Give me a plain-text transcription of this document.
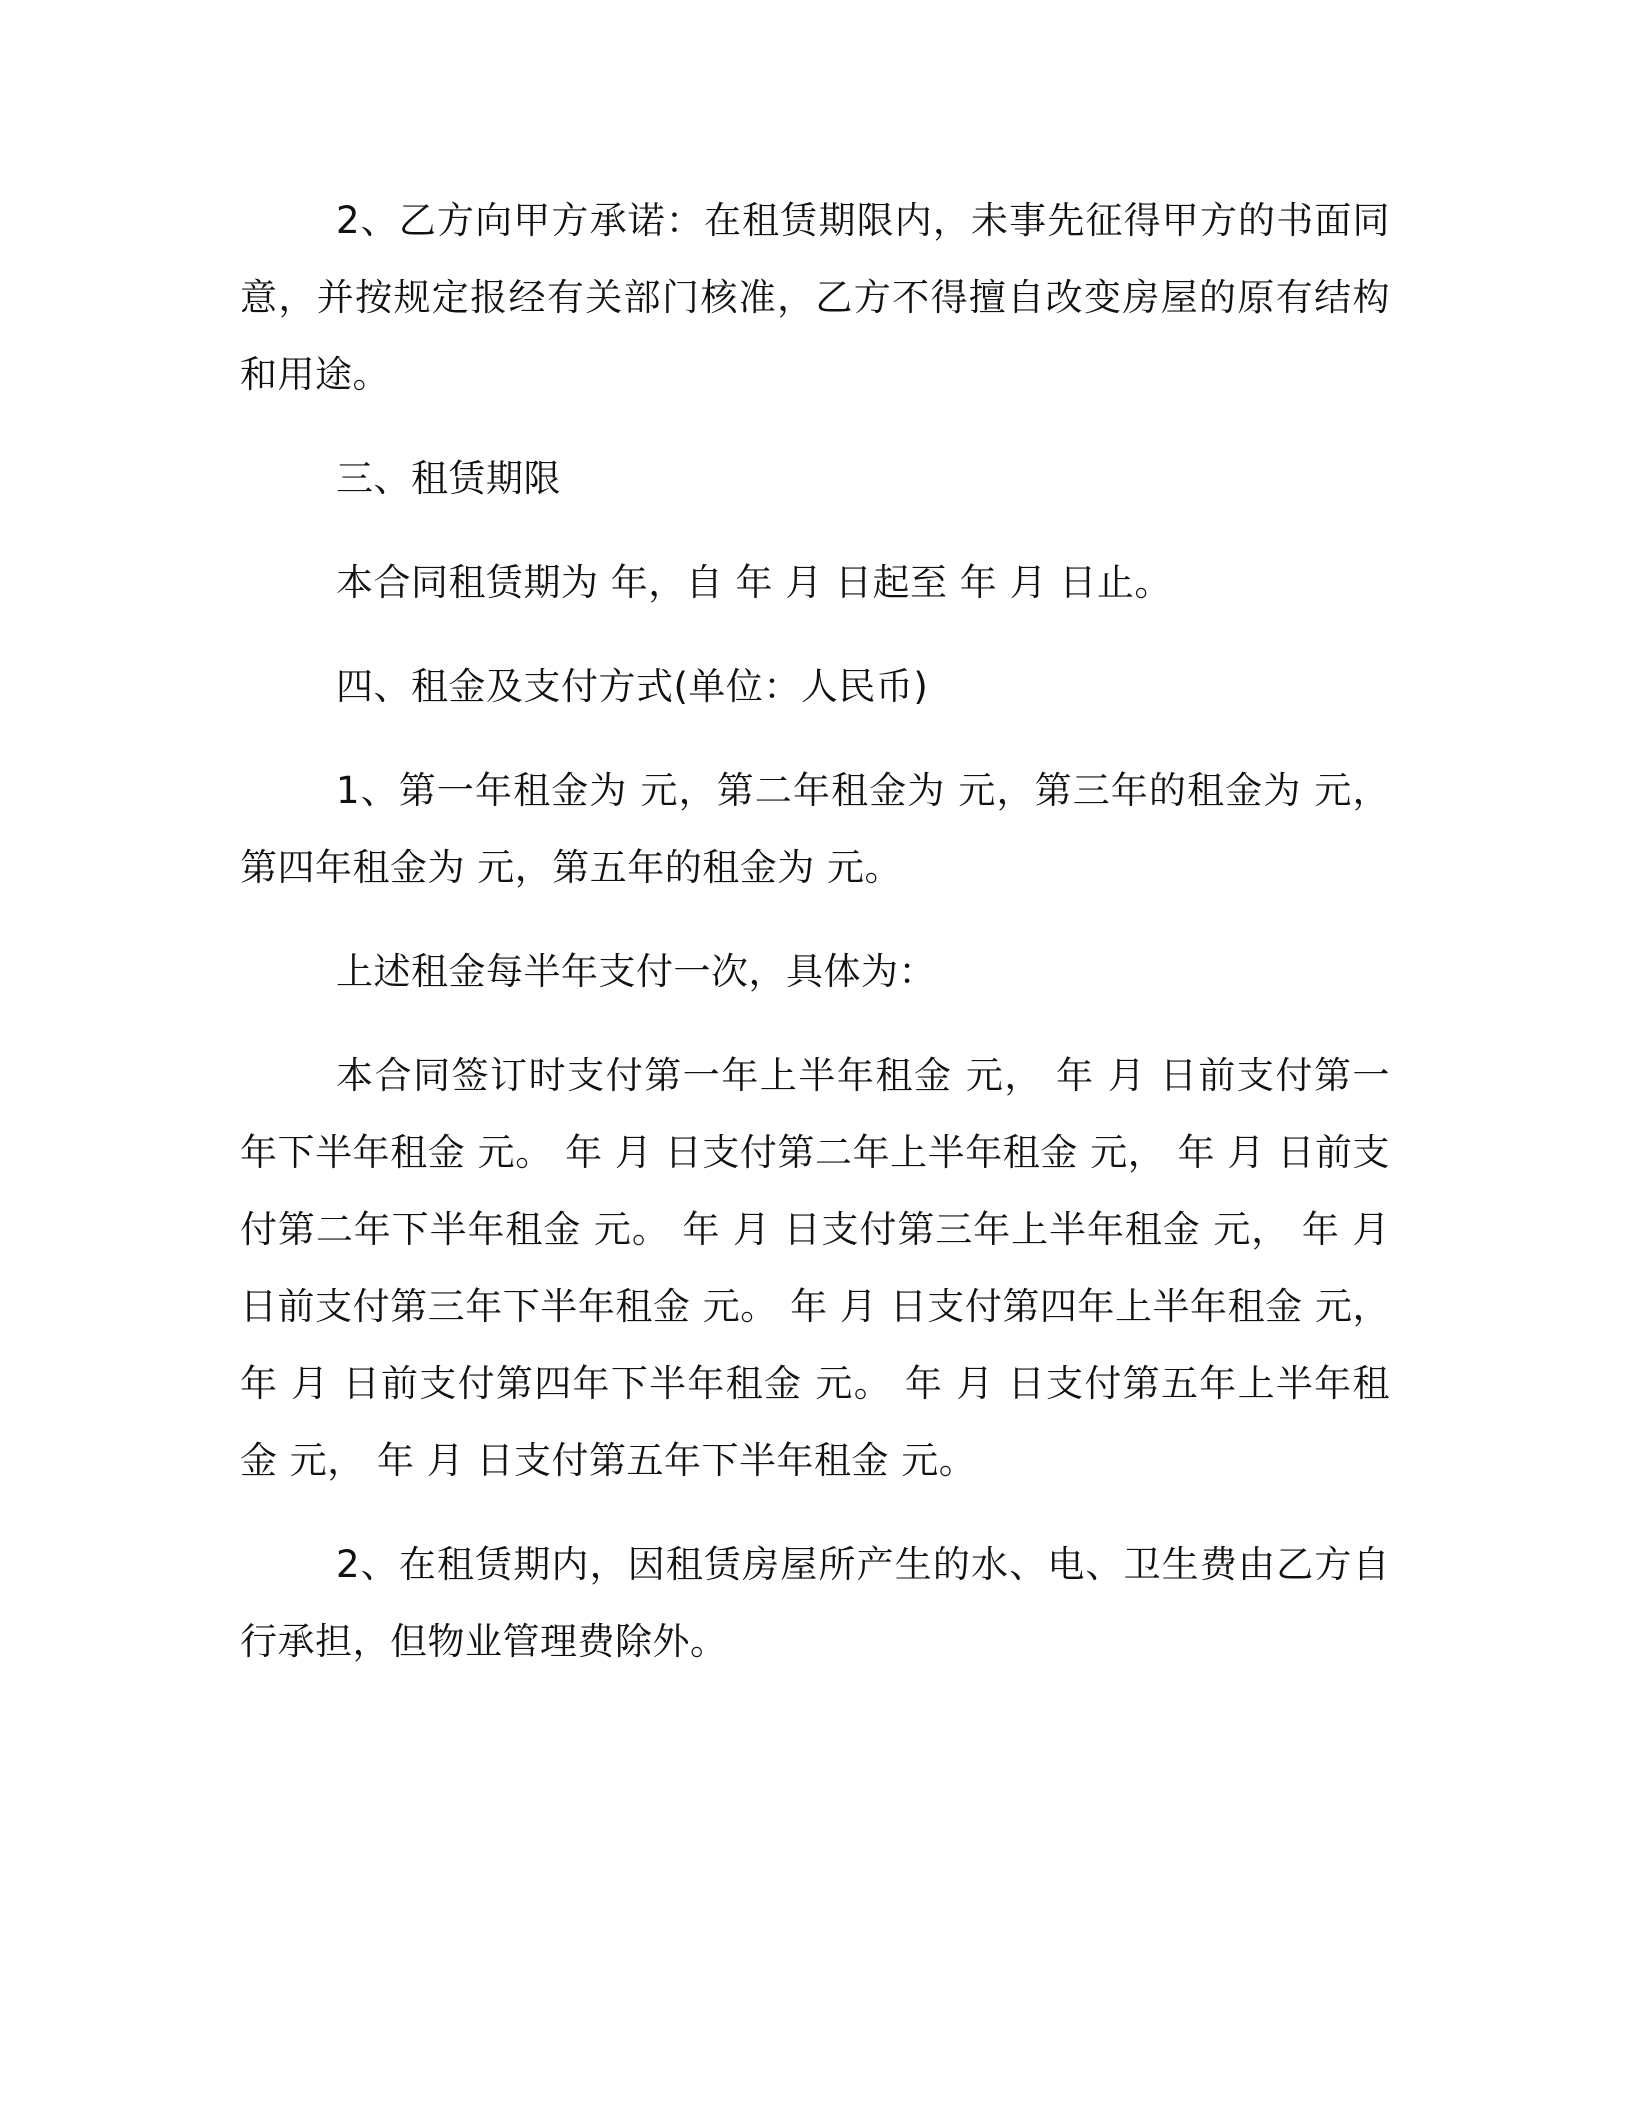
2、乙方向甲方承诺：在租赁期限内，未事先征得甲方的书面同意，并按规定报经有关部门核准，乙方不得擅自改变房屋的原有结构和用途。

三、租赁期限

本合同租赁期为 年，自 年 月 日起至 年 月 日止。

四、租金及支付方式(单位：人民币)

1、第一年租金为 元，第二年租金为 元，第三年的租金为 元，第四年租金为 元，第五年的租金为 元。

上述租金每半年支付一次，具体为：

本合同签订时支付第一年上半年租金 元， 年 月 日前支付第一年下半年租金 元。 年 月 日支付第二年上半年租金 元， 年 月 日前支付第二年下半年租金 元。 年 月 日支付第三年上半年租金 元， 年 月 日前支付第三年下半年租金 元。 年 月 日支付第四年上半年租金 元， 年 月 日前支付第四年下半年租金 元。 年 月 日支付第五年上半年租金 元， 年 月 日支付第五年下半年租金 元。

2、在租赁期内，因租赁房屋所产生的水、电、卫生费由乙方自行承担，但物业管理费除外。
